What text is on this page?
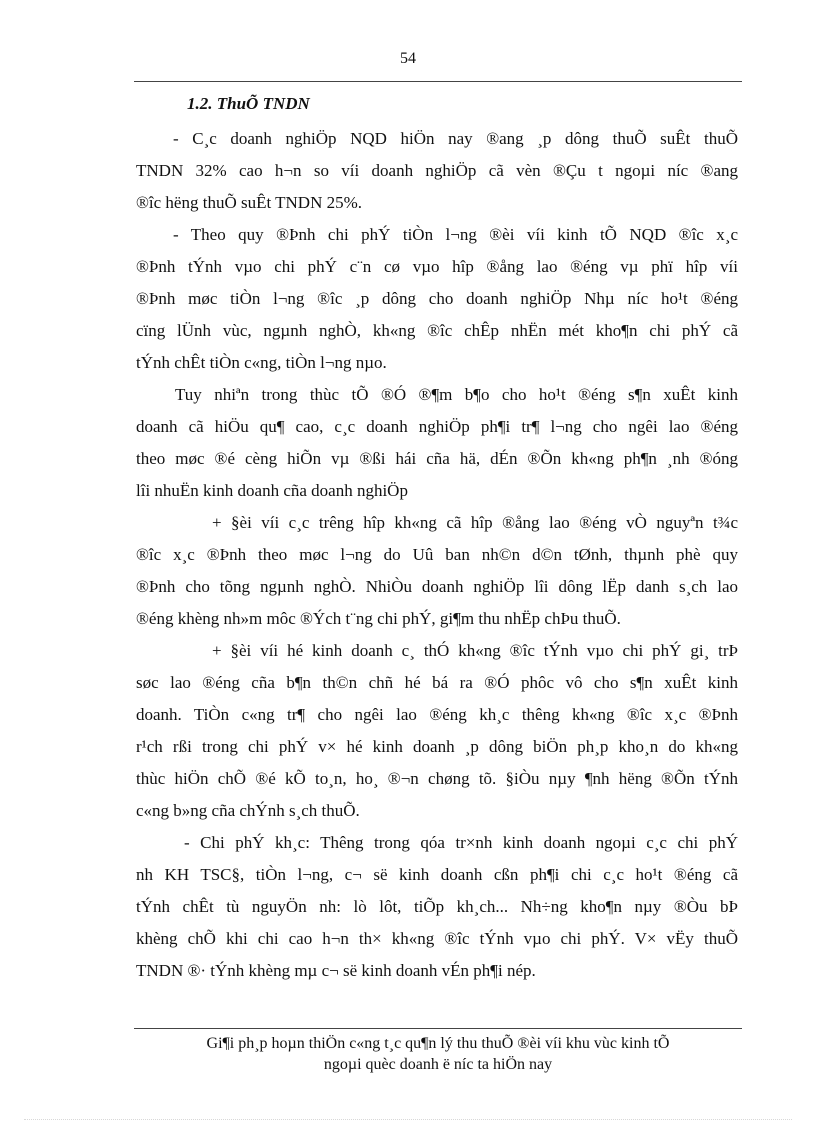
54
1.2. ThuÕ TNDN
- C¸c doanh nghiÖp NQD hiÖn nay ®ang ¸p dông thuÕ suÊt thuÕ
TNDN 32% cao h¬n so víi doanh nghiÖp cã vèn ®Çu t ngoµi níc ®ang
®îc hëng thuÕ suÊt TNDN 25%.
- Theo quy ®Þnh chi phÝ tiÒn l¬ng ®èi víi kinh tÕ NQD ®îc x¸c
®Þnh tÝnh vµo chi phÝ c¨n cø vµo hîp ®ång lao ®éng vµ phï hîp víi
®Þnh møc tiÒn l¬ng ®îc ¸p dông cho doanh nghiÖp Nhµ níc ho¹t ®éng
cïng lÜnh vùc, ngµnh nghÒ, kh«ng ®îc chÊp nhËn mét kho¶n chi phÝ cã
tÝnh chÊt tiÒn c«ng, tiÒn l¬ng nµo.
Tuy nhiªn trong thùc tÕ ®Ó ®¶m b¶o cho ho¹t ®éng s¶n xuÊt kinh
doanh cã hiÖu qu¶ cao, c¸c doanh nghiÖp ph¶i tr¶ l¬ng cho ngêi lao ®éng
theo møc ®é cèng hiÕn vµ ®ßi hái cña hä, dÉn ®Õn kh«ng ph¶n ¸nh ®óng
lîi nhuËn kinh doanh cña doanh nghiÖp
+ §èi víi c¸c trêng hîp kh«ng cã hîp ®ång lao ®éng vÒ nguyªn t¾c
®îc x¸c ®Þnh theo møc l¬ng do Uû ban nh©n d©n tØnh, thµnh phè quy
®Þnh cho tõng ngµnh nghÒ. NhiÒu doanh nghiÖp lîi dông lËp danh s¸ch lao
®éng khèng nh»m môc ®Ých t¨ng chi phÝ, gi¶m thu nhËp chÞu thuÕ.
+ §èi víi hé kinh doanh c¸ thÓ kh«ng ®îc tÝnh vµo chi phÝ gi¸ trÞ
søc lao ®éng cña b¶n th©n chñ hé bá ra ®Ó phôc vô cho s¶n xuÊt kinh
doanh. TiÒn c«ng tr¶ cho ngêi lao ®éng kh¸c thêng kh«ng ®îc x¸c ®Þnh
r¹ch rßi trong chi phÝ v× hé kinh doanh ¸p dông biÖn ph¸p kho¸n do kh«ng
thùc hiÖn chÕ ®é kÕ to¸n, ho¸ ®¬n chøng tõ. §iÒu nµy ¶nh hëng ®Õn tÝnh
c«ng b»ng cña chÝnh s¸ch thuÕ.
- Chi phÝ kh¸c: Thêng trong qóa tr×nh kinh doanh ngoµi c¸c chi phÝ
nh KH TSC§, tiÒn l¬ng, c¬ së kinh doanh cßn ph¶i chi c¸c ho¹t ®éng cã
tÝnh chÊt tù nguyÖn nh: lò lôt, tiÕp kh¸ch... Nh÷ng kho¶n nµy ®Òu bÞ
khèng chÕ khi chi cao h¬n th× kh«ng ®îc tÝnh vµo chi phÝ. V× vËy thuÕ
TNDN ®· tÝnh khèng mµ c¬ së kinh doanh vÉn ph¶i nép.
Gi¶i ph¸p hoµn thiÖn c«ng t¸c qu¶n lý thu thuÕ ®èi víi khu vùc kinh tÕ
ngoµi quèc doanh ë níc ta hiÖn nay
